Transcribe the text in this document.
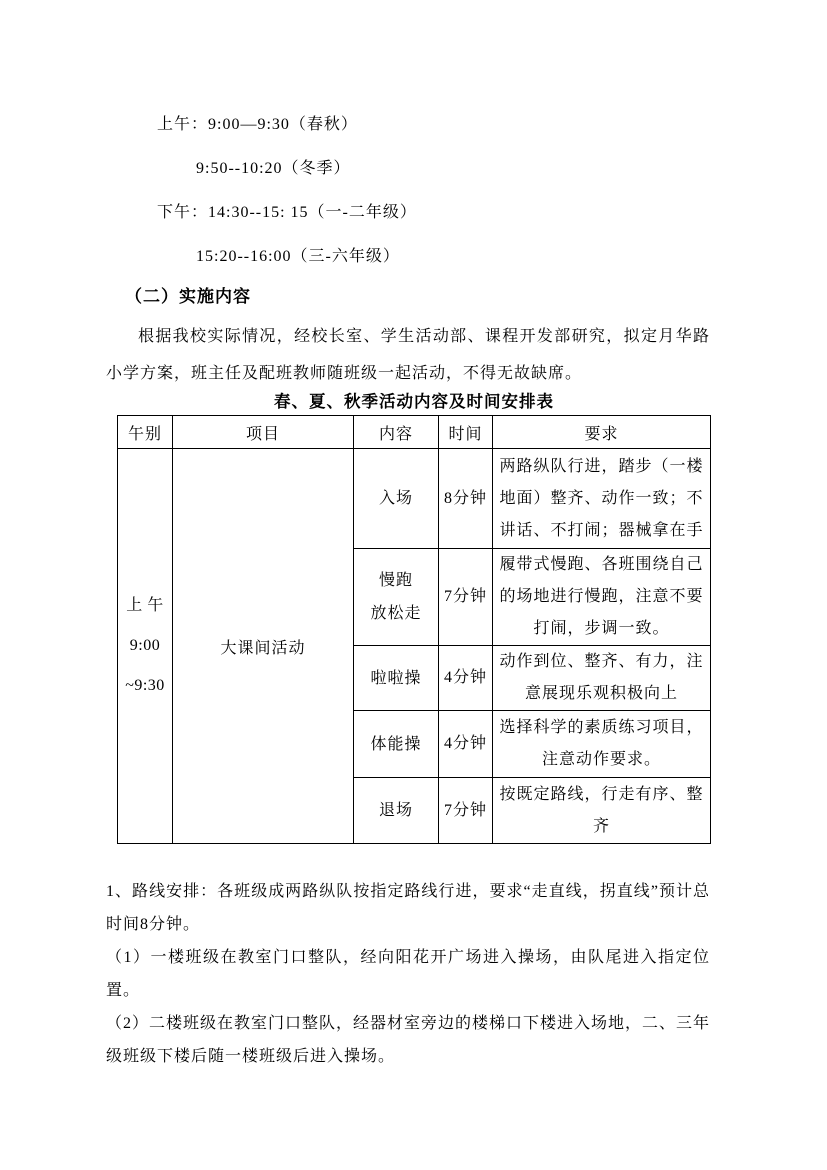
上午：9:00—9:30（春秋）
9:50--10:20（冬季）
下午：14:30--15: 15（一-二年级）
15:20--16:00（三-六年级）
（二）实施内容

根据我校实际情况，经校长室、学生活动部、课程开发部研究，拟定月华路小学方案，班主任及配班教师随班级一起活动，不得无故缺席。

春、夏、秋季活动内容及时间安排表
午别	项目	内容	时间	要求

上 午
9:00
~9:30	大课间活动	入场	8分钟	两路纵队行进，踏步（一楼地面）整齐、动作一致；不讲话、不打闹；器械拿在手

		慢跑
放松走	7分钟	履带式慢跑、各班围绕自己的场地进行慢跑，注意不要打闹，步调一致。

		啦啦操	4分钟	动作到位、整齐、有力，注意展现乐观积极向上

		体能操	4分钟	选择科学的素质练习项目，注意动作要求。

		退场	7分钟	按既定路线，行走有序、整齐

1、路线安排：各班级成两路纵队按指定路线行进，要求“走直线，拐直线”预计总时间8分钟。

（1）一楼班级在教室门口整队，经向阳花开广场进入操场，由队尾进入指定位置。

（2）二楼班级在教室门口整队，经器材室旁边的楼梯口下楼进入场地，二、三年级班级下楼后随一楼班级后进入操场。
